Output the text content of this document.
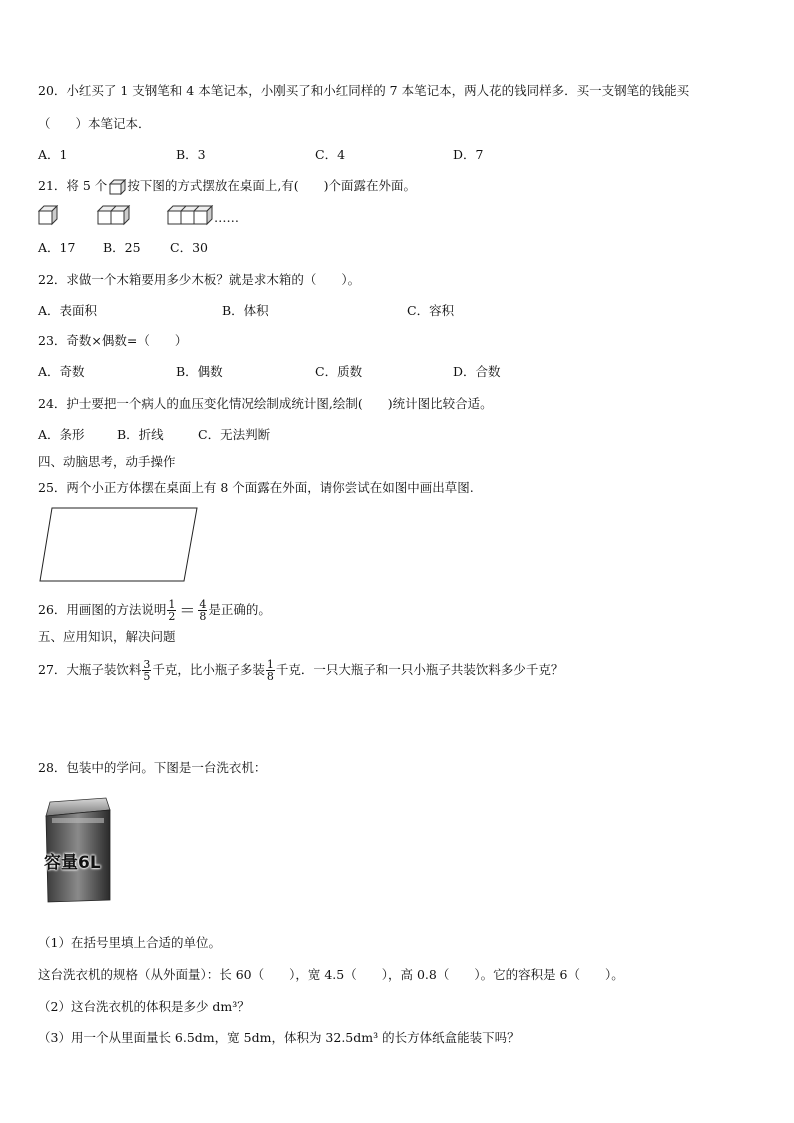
20．小红买了 1 支钢笔和 4 本笔记本，小刚买了和小红同样的 7 本笔记本，两人花的钱同样多．买一支钢笔的钱能买
（　　）本笔记本．
A．1	B．3	C．4	D．7
21．将 5 个 按下图的方式摆放在桌面上,有(　　)个面露在外面。
……
A．17 B．25 C．30
22．求做一个木箱要用多少木板？就是求木箱的（　　）。
A．表面积	B．体积	C．容积
23．奇数×偶数=（　　）
A．奇数	B．偶数	C．质数	D．合数
24．护士要把一个病人的血压变化情况绘制成统计图,绘制(　　)统计图比较合适。
A．条形	B．折线	C．无法判断
四、动脑思考，动手操作
25．两个小正方体摆在桌面上有 8 个面露在外面，请你尝试在如图中画出草图.
26．用画图的方法说明 $\frac{1}{2} = \frac{4}{8}$ 是正确的。
五、应用知识，解决问题
27．大瓶子装饮料 $\frac{3}{5}$ 千克，比小瓶子多装 $\frac{1}{8}$ 千克．一只大瓶子和一只小瓶子共装饮料多少千克？
28．包装中的学问。下图是一台洗衣机：
容量6L
（1）在括号里填上合适的单位。
这台洗衣机的规格（从外面量）：长 60（　　），宽 4.5（　　），高 0.8（　　）。它的容积是 6（　　）。
（2）这台洗衣机的体积是多少 dm³？
（3）用一个从里面量长 6.5dm，宽 5dm，体积为 32.5dm³ 的长方体纸盒能装下吗？
